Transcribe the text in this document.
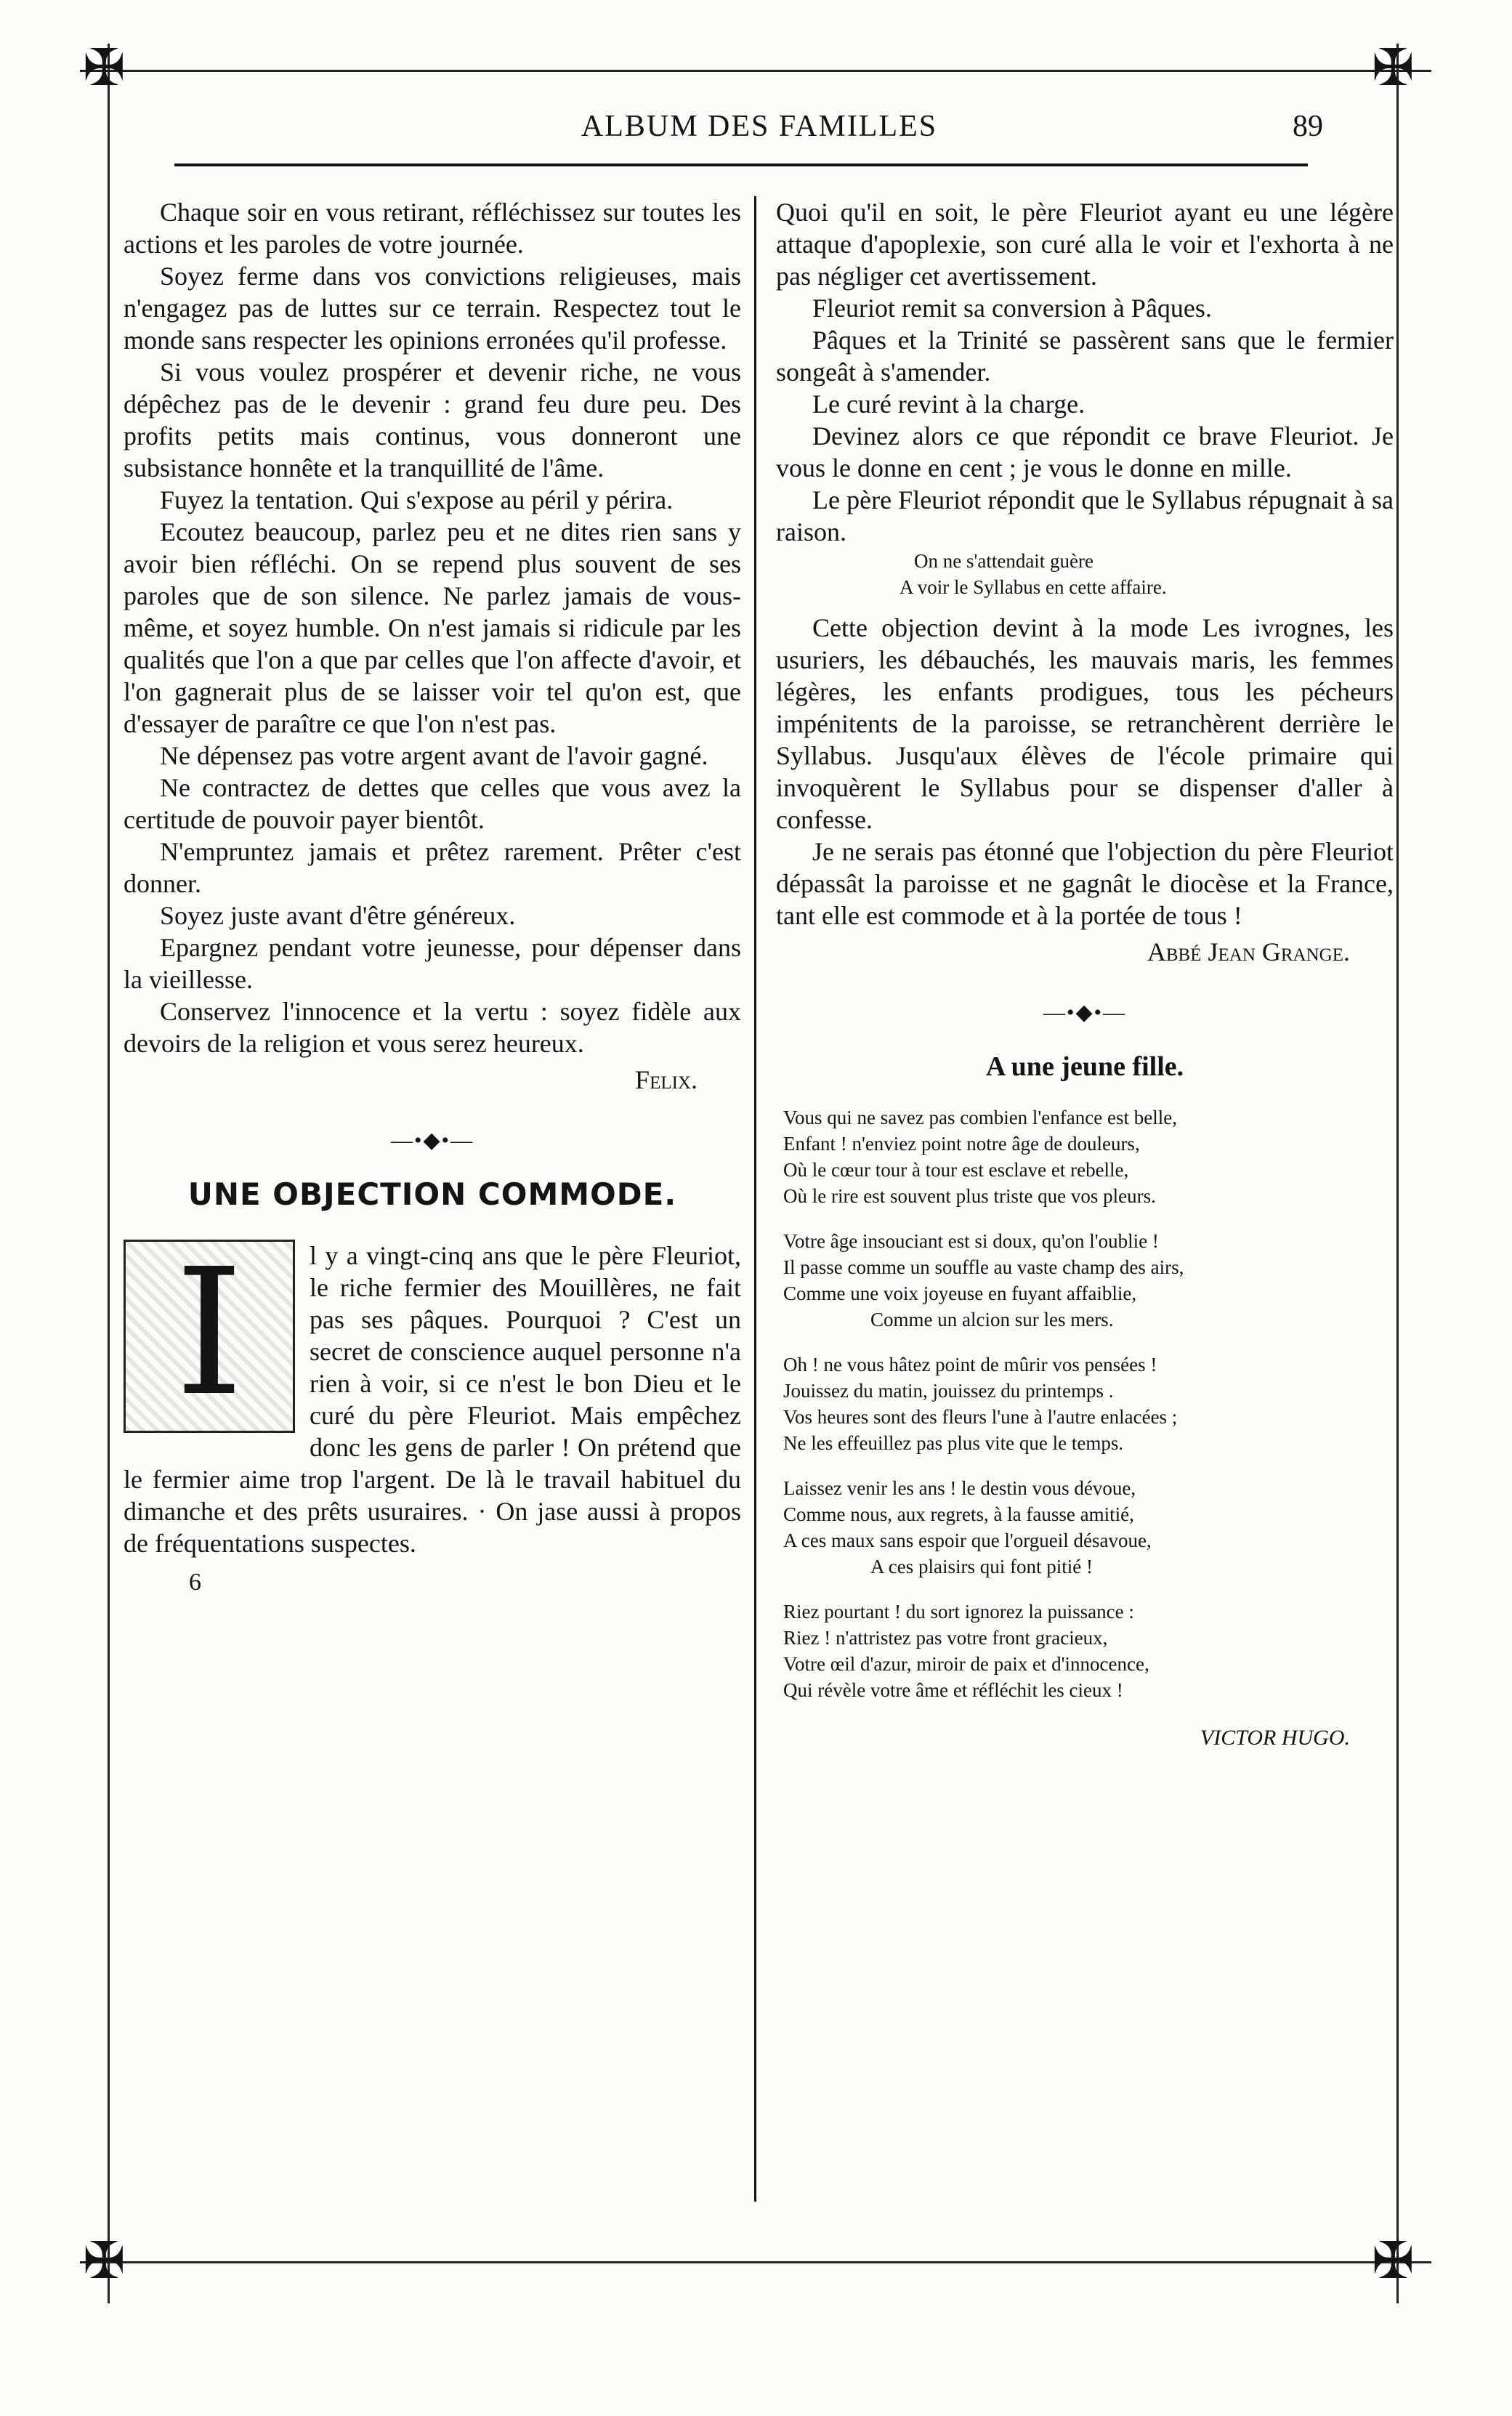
✠	✠
✠	✠
ALBUM DES FAMILLES	89

Chaque soir en vous retirant, réfléchissez sur toutes les actions et les paroles de votre journée.

Soyez ferme dans vos convictions religieuses, mais n'engagez pas de luttes sur ce terrain. Respectez tout le monde sans respecter les opinions erronées qu'il professe.

Si vous voulez prospérer et devenir riche, ne vous dépêchez pas de le devenir : grand feu dure peu. Des profits petits mais continus, vous donneront une subsistance honnête et la tranquillité de l'âme.

Fuyez la tentation. Qui s'expose au péril y périra.

Ecoutez beaucoup, parlez peu et ne dites rien sans y avoir bien réfléchi. On se repend plus souvent de ses paroles que de son silence. Ne parlez jamais de vous-même, et soyez humble. On n'est jamais si ridicule par les qualités que l'on a que par celles que l'on affecte d'avoir, et l'on gagnerait plus de se laisser voir tel qu'on est, que d'essayer de paraître ce que l'on n'est pas.

Ne dépensez pas votre argent avant de l'avoir gagné.

Ne contractez de dettes que celles que vous avez la certitude de pouvoir payer bientôt.

N'empruntez jamais et prêtez rarement. Prêter c'est donner.

Soyez juste avant d'être généreux.

Epargnez pendant votre jeunesse, pour dépenser dans la vieillesse.

Conservez l'innocence et la vertu : soyez fidèle aux devoirs de la religion et vous serez heureux.

Felix.
—•◆•—
UNE OBJECTION COMMODE.

I	l y a vingt-cinq ans que le père Fleuriot, le riche fermier des Mouillères, ne fait pas ses pâques. Pourquoi ? C'est un secret de conscience auquel personne n'a rien à voir, si ce n'est le bon Dieu et le curé du père Fleuriot. Mais empêchez donc les gens de parler ! On prétend que le fermier aime trop l'argent. De là le travail habituel du dimanche et des prêts usuraires. · On jase aussi à propos de fréquentations suspectes.

6

Quoi qu'il en soit, le père Fleuriot ayant eu une légère attaque d'apoplexie, son curé alla le voir et l'exhorta à ne pas négliger cet avertissement.

Fleuriot remit sa conversion à Pâques.

Pâques et la Trinité se passèrent sans que le fermier songeât à s'amender.

Le curé revint à la charge.

Devinez alors ce que répondit ce brave Fleuriot. Je vous le donne en cent ; je vous le donne en mille.

Le père Fleuriot répondit que le Syllabus répugnait à sa raison.

On ne s'attendait guère

A voir le Syllabus en cette affaire.

Cette objection devint à la mode Les ivrognes, les usuriers, les débauchés, les mauvais maris, les femmes légères, les enfants prodigues, tous les pécheurs impénitents de la paroisse, se retranchèrent derrière le Syllabus. Jusqu'aux élèves de l'école primaire qui invoquèrent le Syllabus pour se dispenser d'aller à confesse.

Je ne serais pas étonné que l'objection du père Fleuriot dépassât la paroisse et ne gagnât le diocèse et la France, tant elle est commode et à la portée de tous !

Abbé Jean Grange.
—•◆•—
A une jeune fille.
Vous qui ne savez pas combien l'enfance est belle,
Enfant ! n'enviez point notre âge de douleurs,
Où le cœur tour à tour est esclave et rebelle,
Où le rire est souvent plus triste que vos pleurs.
Votre âge insouciant est si doux, qu'on l'oublie !
Il passe comme un souffle au vaste champ des airs,
Comme une voix joyeuse en fuyant affaiblie,
Comme un alcion sur les mers.
Oh ! ne vous hâtez point de mûrir vos pensées !
Jouissez du matin, jouissez du printemps .
Vos heures sont des fleurs l'une à l'autre enlacées ;
Ne les effeuillez pas plus vite que le temps.
Laissez venir les ans ! le destin vous dévoue,
Comme nous, aux regrets, à la fausse amitié,
A ces maux sans espoir que l'orgueil désavoue,
A ces plaisirs qui font pitié !
Riez pourtant ! du sort ignorez la puissance :
Riez ! n'attristez pas votre front gracieux,
Votre œil d'azur, miroir de paix et d'innocence,
Qui révèle votre âme et réfléchit les cieux !
VICTOR HUGO.
